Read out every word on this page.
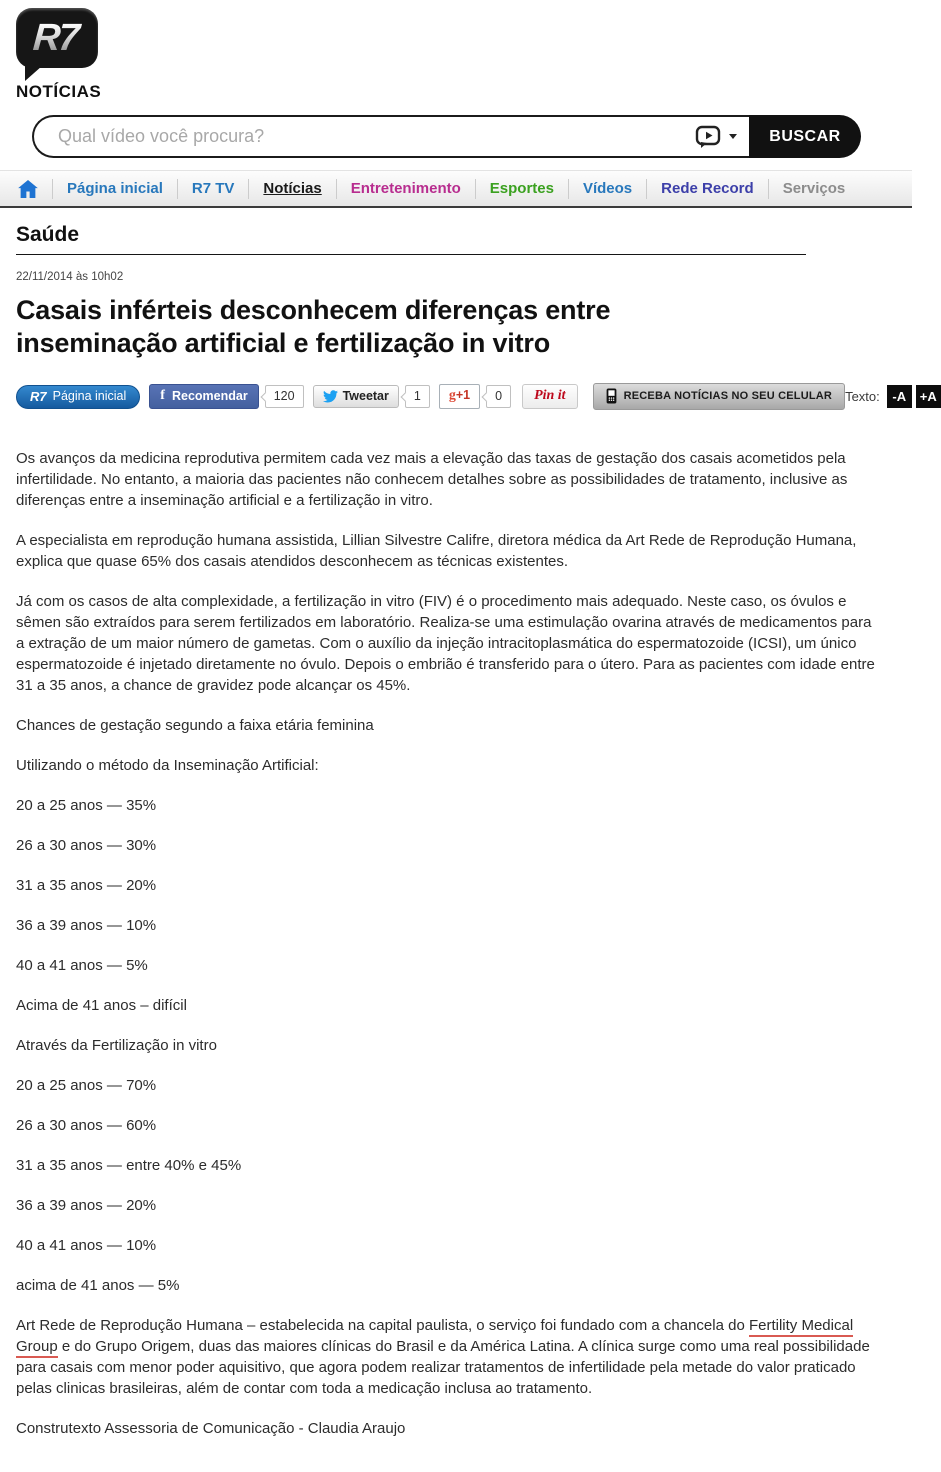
R7
NOTÍCIAS
Qual vídeo você procura?
BUSCAR
Página inicial	R7 TV	Notícias	Entretenimento	Esportes	Vídeos	Rede Record	Serviços
Saúde
22/11/2014 às 10h02
Casais inférteis desconhecem diferenças entre inseminação artificial e fertilização in vitro
R7 Página inicial f Recomendar	120	Tweetar	1	g +1	0	Pin it	RECEBA NOTÍCIAS NO SEU CELULAR Texto: -A	+A

Os avanços da medicina reprodutiva permitem cada vez mais a elevação das taxas de gestação dos casais acometidos pela infertilidade. No entanto, a maioria das pacientes não conhecem detalhes sobre as possibilidades de tratamento, inclusive as diferenças entre a inseminação artificial e a fertilização in vitro.

A especialista em reprodução humana assistida, Lillian Silvestre Califre, diretora médica da Art Rede de Reprodução Humana, explica que quase 65% dos casais atendidos desconhecem as técnicas existentes.

Já com os casos de alta complexidade, a fertilização in vitro (FIV) é o procedimento mais adequado. Neste caso, os óvulos e sêmen são extraídos para serem fertilizados em laboratório. Realiza-se uma estimulação ovarina através de medicamentos para a extração de um maior número de gametas. Com o auxílio da injeção intracitoplasmática do espermatozoide (ICSI), um único espermatozoide é injetado diretamente no óvulo. Depois o embrião é transferido para o útero. Para as pacientes com idade entre 31 a 35 anos, a chance de gravidez pode alcançar os 45%.

Chances de gestação segundo a faixa etária feminina

Utilizando o método da Inseminação Artificial:

20 a 25 anos — 35%

26 a 30 anos — 30%

31 a 35 anos — 20%

36 a 39 anos — 10%

40 a 41 anos — 5%

Acima de 41 anos – difícil

Através da Fertilização in vitro

20 a 25 anos — 70%

26 a 30 anos — 60%

31 a 35 anos — entre 40% e 45%

36 a 39 anos — 20%

40 a 41 anos — 10%

acima de 41 anos — 5%

Art Rede de Reprodução Humana – estabelecida na capital paulista, o serviço foi fundado com a chancela do Fertility Medical Group e do Grupo Origem, duas das maiores clínicas do Brasil e da América Latina. A clínica surge como uma real possibilidade para casais com menor poder aquisitivo, que agora podem realizar tratamentos de infertilidade pela metade do valor praticado pelas clinicas brasileiras, além de contar com toda a medicação inclusa ao tratamento.

Construtexto Assessoria de Comunicação - Claudia Araujo
